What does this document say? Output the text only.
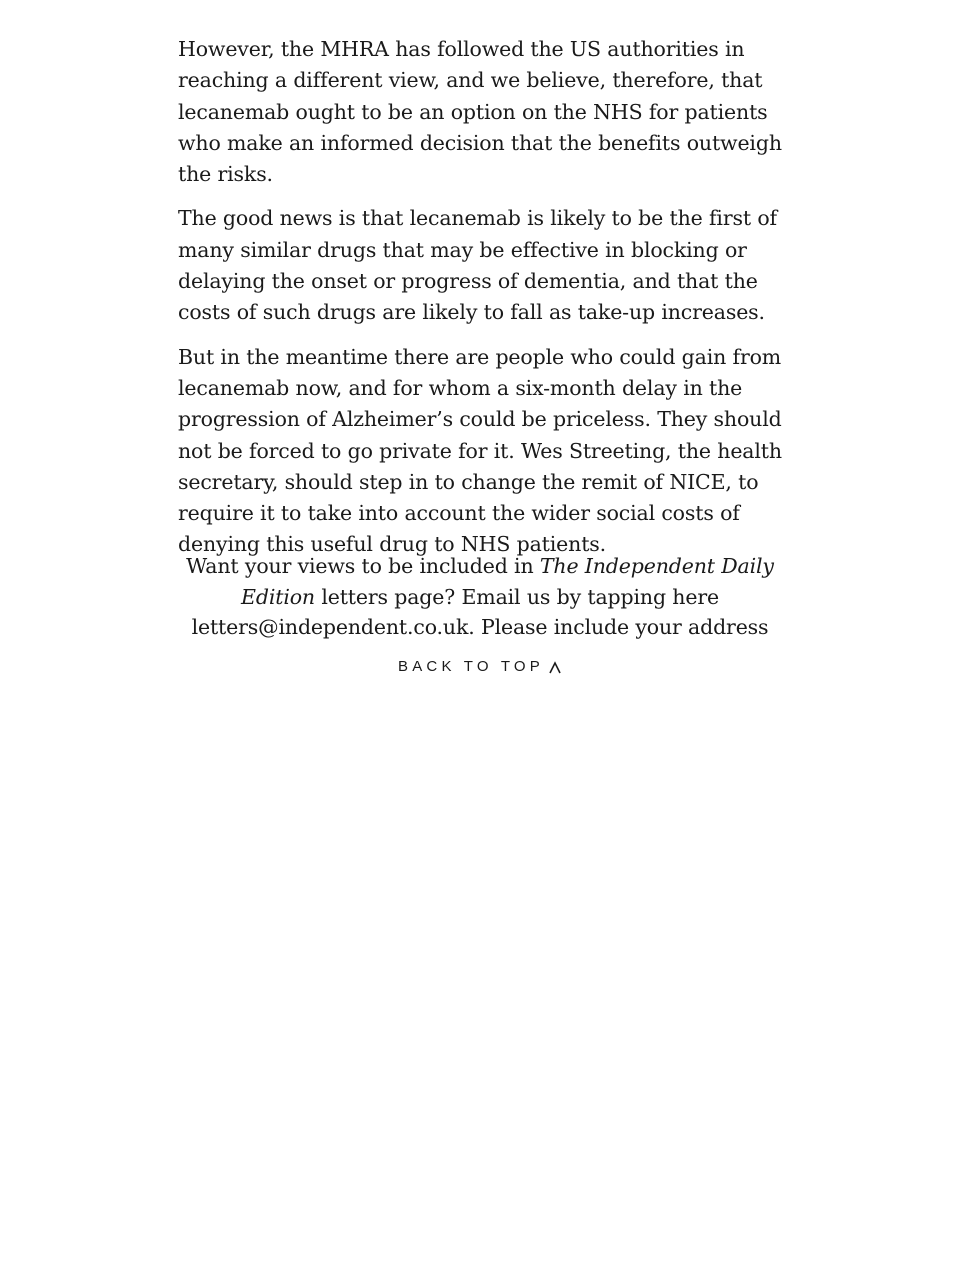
However, the MHRA has followed the US authorities in reaching a different view, and we believe, therefore, that lecanemab ought to be an option on the NHS for patients who make an informed decision that the benefits outweigh the risks.

The good news is that lecanemab is likely to be the first of many similar drugs that may be effective in blocking or delaying the onset or progress of dementia, and that the costs of such drugs are likely to fall as take-up increases.

But in the meantime there are people who could gain from lecanemab now, and for whom a six-month delay in the progression of Alzheimer’s could be priceless. They should not be forced to go private for it. Wes Streeting, the health secretary, should step in to change the remit of NICE, to require it to take into account the wider social costs of denying this useful drug to NHS patients.

Want your views to be included in The Independent Daily Edition letters page? Email us by tapping here letters@independent.co.uk. Please include your address

BACK TO TOP
